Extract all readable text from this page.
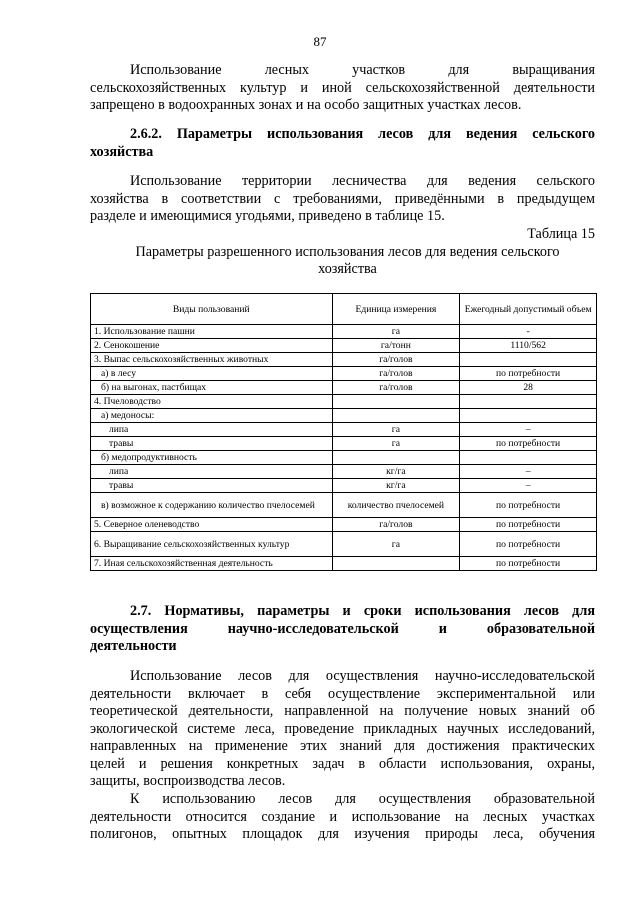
87
Использование лесных участков для выращивания
сельскохозяйственных культур и иной сельскохозяйственной деятельности
запрещено в водоохранных зонах и на особо защитных участках лесов.
2.6.2. Параметры использования лесов для ведения сельского
хозяйства
Использование территории лесничества для ведения сельского
хозяйства в соответствии с требованиями, приведёнными в предыдущем
разделе и имеющимися угодьями, приведено в таблице 15.
Таблица 15
Параметры разрешенного использования лесов для ведения сельского хозяйства
Виды пользований	Единица измерения	Ежегодный допустимый объем
1. Использование пашни	га	-
2. Сенокошение	га/тонн	1110/562
3. Выпас сельскохозяйственных животных	га/голов	
а) в лесу	га/голов	по потребности
б) на выгонах, пастбищах	га/голов	28
4. Пчеловодство		
а) медоносы:		
липа	га	–
травы	га	по потребности
б) медопродуктивность		
липа	кг/га	–
травы	кг/га	–
в) возможное к содержанию количество пчелосемей	количество пчелосемей	по потребности
5. Северное оленеводство	га/голов	по потребности
6. Выращивание сельскохозяйственных культур	га	по потребности
7. Иная сельскохозяйственная деятельность		по потребности
2.7. Нормативы, параметры и сроки использования лесов для
осуществления научно-исследовательской и образовательной
деятельности
Использование лесов для осуществления научно-исследовательской
деятельности включает в себя осуществление экспериментальной или
теоретической деятельности, направленной на получение новых знаний об
экологической системе леса, проведение прикладных научных исследований,
направленных на применение этих знаний для достижения практических
целей и решения конкретных задач в области использования, охраны,
защиты, воспроизводства лесов.
К использованию лесов для осуществления образовательной
деятельности относится создание и использование на лесных участках
полигонов, опытных площадок для изучения природы леса, обучения
